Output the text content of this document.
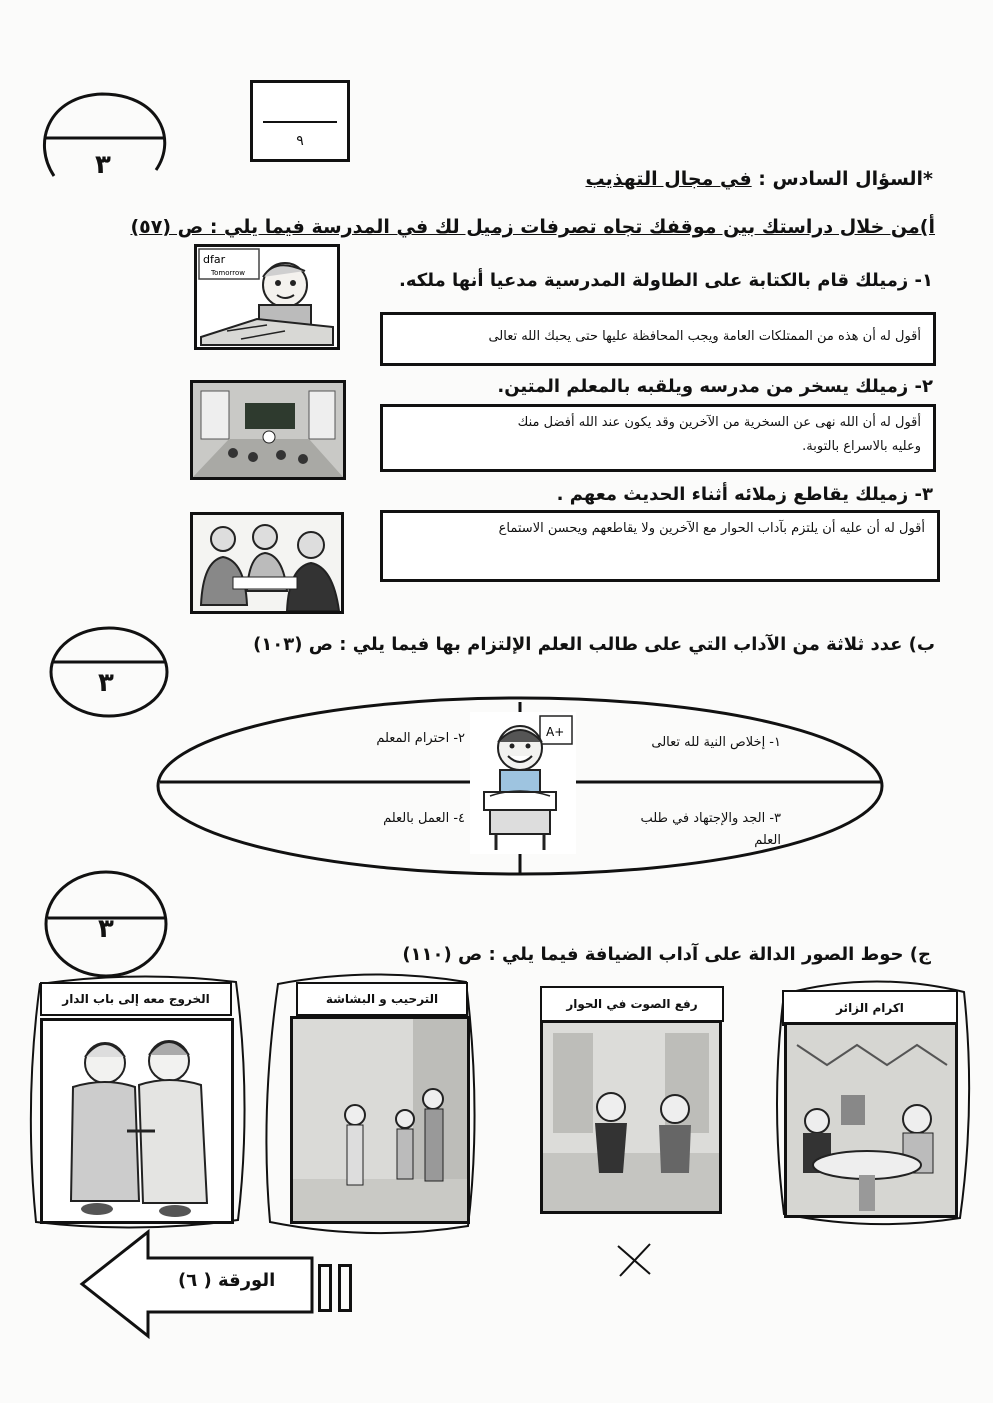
٣
٩
*السؤال السادس : في مجال التهذيب
أ)من خلال دراستك بين موقفك تجاه تصرفات زميل لك في المدرسة فيما يلي : ص (٥٧)
١- زميلك قام بالكتابة على الطاولة المدرسية مدعيا أنها ملكه.
dfar
Tomorrow
أقول له أن هذه من الممتلكات العامة ويجب المحافظة عليها حتى يحبك الله تعالى
٢- زميلك يسخر من مدرسه ويلقبه بالمعلم المتين.
أقول له أن الله نهى عن السخرية من الآخرين وقد يكون عند الله أفضل منك
وعليه بالاسراع بالتوبة.
٣- زميلك يقاطع زملائه أثناء الحديث معهم .
أقول له أن عليه أن يلتزم بآداب الحوار مع الآخرين ولا يقاطعهم ويحسن الاستماع
٣
ب) عدد ثلاثة من الآداب التي على طالب العلم الإلتزام بها فيما يلي : ص (١٠٣)
A+
١- إخلاص النية لله تعالى
٢- احترام المعلم
٣- الجد والإجتهاد في طلب
العلم
٤- العمل بالعلم
٣
ج) حوط الصور الدالة على آداب الضيافة فيما يلي : ص (١١٠)
اكرام الزائر
رفع الصوت في الحوار
الترحيب و البشاشة
الخروج معه إلى باب الدار
الورقة ( ٦)
